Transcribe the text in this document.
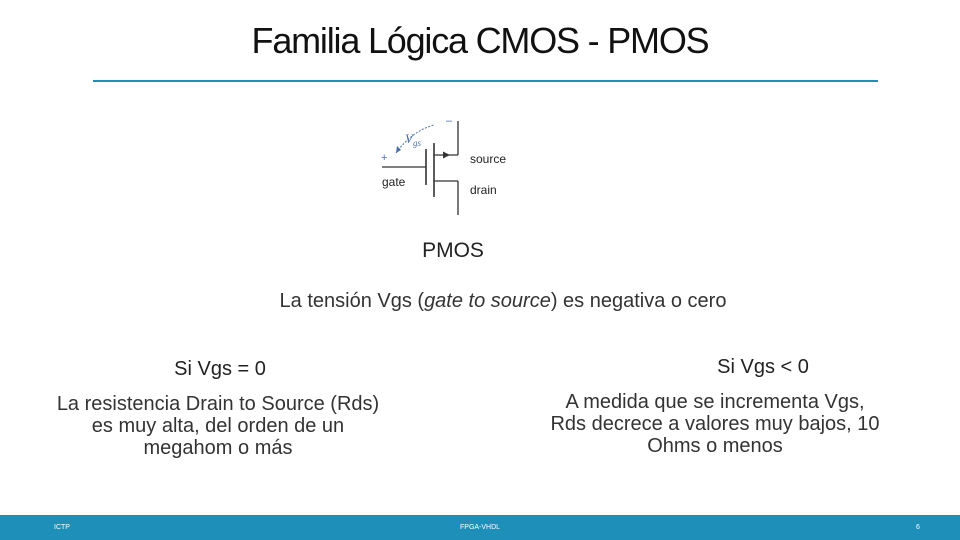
Familia Lógica CMOS - PMOS
$V_{gs}$
–
+
gate
source
drain
PMOS
La tensión Vgs (gate to source) es negativa o cero
Si Vgs = 0
La resistencia Drain to Source (Rds) es muy alta, del orden de un megahom o más
Si Vgs < 0
A medida que se incrementa Vgs, Rds decrece a valores muy bajos, 10 Ohms o menos
ICTP	FPGA-VHDL	6
